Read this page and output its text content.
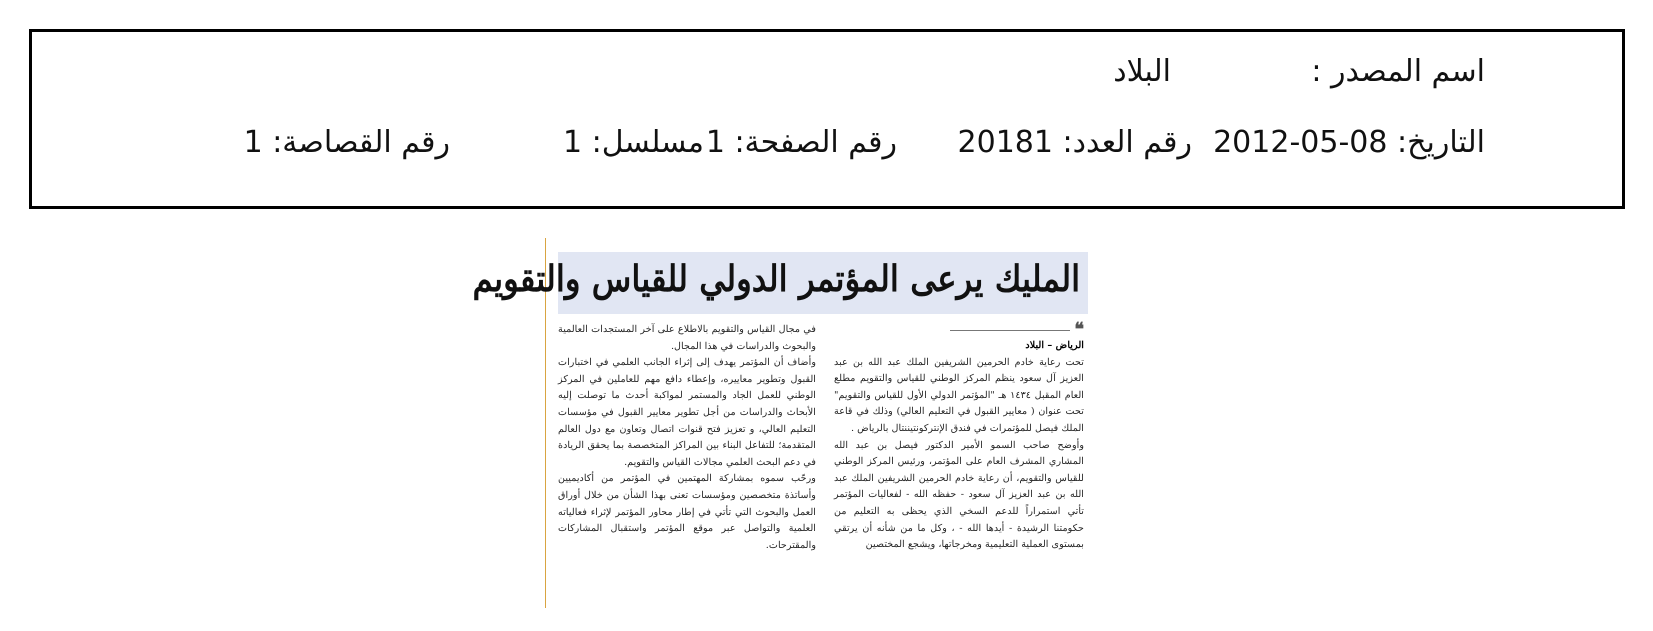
اسم المصدر :
البلاد
التاريخ: 08-05-2012
رقم العدد: 20181
رقم الصفحة: 1
مسلسل: 1
رقم القصاصة: 1
المليك يرعى المؤتمر الدولي للقياس والتقويم
❝

الرياض – البلاد

تحت رعاية خادم الحرمين الشريفين الملك عبد الله بن عبد العزيز آل سعود ينظم المركز الوطني للقياس والتقويم مطلع العام المقبل ١٤٣٤ هـ "المؤتمر الدولي الأول للقياس والتقويم" تحت عنوان ( معايير القبول في التعليم العالي) وذلك في قاعة الملك فيصل للمؤتمرات في فندق الإنتركونتيننتال بالرياض .

وأوضح صاحب السمو الأمير الدكتور فيصل بن عبد الله المشاري المشرف العام على المؤتمر، ورئيس المركز الوطني للقياس والتقويم، أن رعاية خادم الحرمين الشريفين الملك عبد الله بن عبد العزيز آل سعود - حفظه الله - لفعاليات المؤتمر تأتي استمراراً للدعم السخي الذي يحظى به التعليم من حكومتنا الرشيدة - أيدها الله - ، وكل ما من شأنه أن يرتقي بمستوى العملية التعليمية ومخرجاتها، ويشجع المختصين

في مجال القياس والتقويم بالاطلاع على آخر المستجدات العالمية والبحوث والدراسات في هذا المجال.

وأضاف أن المؤتمر يهدف إلى إثراء الجانب العلمي في اختبارات القبول وتطوير معاييره، وإعطاء دافع مهم للعاملين في المركز الوطني للعمل الجاد والمستمر لمواكبة أحدث ما توصلت إليه الأبحاث والدراسات من أجل تطوير معايير القبول في مؤسسات التعليم العالي، و تعزيز فتح قنوات اتصال وتعاون مع دول العالم المتقدمة؛ للتفاعل البناء بين المراكز المتخصصة بما يحقق الريادة في دعم البحث العلمي مجالات القياس والتقويم.

ورحّب سموه بمشاركة المهتمين في المؤتمر من أكاديميين وأساتذة متخصصين ومؤسسات تعنى بهذا الشأن من خلال أوراق العمل والبحوث التي تأتي في إطار محاور المؤتمر لإثراء فعالياته العلمية والتواصل عبر موقع المؤتمر واستقبال المشاركات والمقترحات.
